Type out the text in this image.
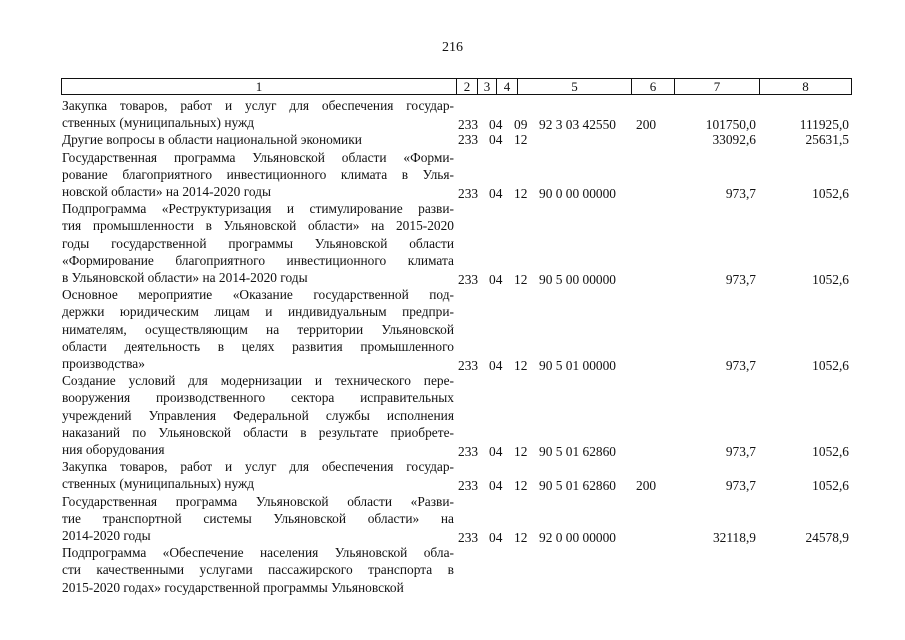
216
1	2	3	4	5	6	7	8
Закупка товаров, работ и услуг для обеспечения государ-
ственных (муниципальных) нужд	233 04 09 92 3 03 42550 200	101750,0	111925,0
Другие вопросы в области национальной экономики	233 04 12	33092,6	25631,5
Государственная программа Ульяновской области «Форми-
рование благоприятного инвестиционного климата в Улья-
новской области» на 2014-2020 годы	233 04 12 90 0 00 00000	973,7	1052,6
Подпрограмма «Реструктуризация и стимулирование разви-
тия промышленности в Ульяновской области» на 2015-2020
годы государственной программы Ульяновской области
«Формирование благоприятного инвестиционного климата
в Ульяновской области» на 2014-2020 годы	233 04 12 90 5 00 00000	973,7	1052,6
Основное мероприятие «Оказание государственной под-
держки юридическим лицам и индивидуальным предпри-
нимателям, осуществляющим на территории Ульяновской
области деятельность в целях развития промышленного
производства»	233 04 12 90 5 01 00000	973,7	1052,6
Создание условий для модернизации и технического пере-
вооружения производственного сектора исправительных
учреждений Управления Федеральной службы исполнения
наказаний по Ульяновской области в результате приобрете-
ния оборудования	233 04 12 90 5 01 62860	973,7	1052,6
Закупка товаров, работ и услуг для обеспечения государ-
ственных (муниципальных) нужд	233 04 12 90 5 01 62860 200	973,7	1052,6
Государственная программа Ульяновской области «Разви-
тие транспортной системы Ульяновской области» на
2014-2020 годы	233 04 12 92 0 00 00000	32118,9	24578,9
Подпрограмма «Обеспечение населения Ульяновской обла-
сти качественными услугами пассажирского транспорта в
2015-2020 годах» государственной программы Ульяновской
